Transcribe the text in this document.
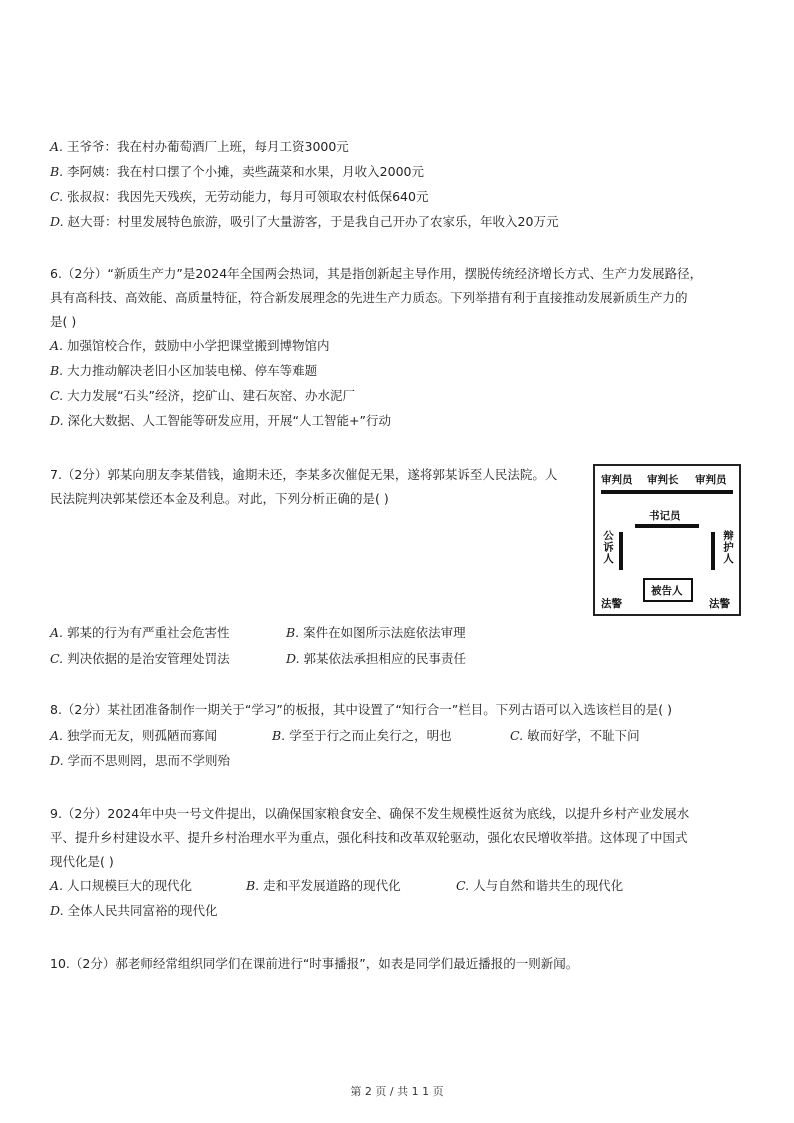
A. 王爷爷：我在村办葡萄酒厂上班，每月工资3000元
B. 李阿姨：我在村口摆了个小摊，卖些蔬菜和水果，月收入2000元
C. 张叔叔：我因先天残疾，无劳动能力，每月可领取农村低保640元
D. 赵大哥：村里发展特色旅游，吸引了大量游客，于是我自己开办了农家乐，年收入20万元
6.（2分）“新质生产力”是2024年全国两会热词，其是指创新起主导作用，摆脱传统经济增长方式、生产力发展路径，
具有高科技、高效能、高质量特征，符合新发展理念的先进生产力质态。下列举措有利于直接推动发展新质生产力的
是( )
A. 加强馆校合作，鼓励中小学把课堂搬到博物馆内
B. 大力推动解决老旧小区加装电梯、停车等难题
C. 大力发展“石头”经济，挖矿山、建石灰窑、办水泥厂
D. 深化大数据、人工智能等研发应用，开展“人工智能+”行动
7.（2分）郭某向朋友李某借钱，逾期未还，李某多次催促无果，遂将郭某诉至人民法院。人
民法院判决郭某偿还本金及利息。对此，下列分析正确的是( )
审判员 审判长 审判员
书记员
公诉人	辩护人
被告人
法警	法警
A. 郭某的行为有严重社会危害性	B. 案件在如图所示法庭依法审理
C. 判决依据的是治安管理处罚法	D. 郭某依法承担相应的民事责任
8.（2分）某社团准备制作一期关于“学习”的板报，其中设置了“知行合一”栏目。下列古语可以入选该栏目的是( )
A. 独学而无友，则孤陋而寡闻	B. 学至于行之而止矣行之，明也	C. 敏而好学，不耻下问
D. 学而不思则罔，思而不学则殆
9.（2分）2024年中央一号文件提出，以确保国家粮食安全、确保不发生规模性返贫为底线，以提升乡村产业发展水
平、提升乡村建设水平、提升乡村治理水平为重点，强化科技和改革双轮驱动，强化农民增收举措。这体现了中国式
现代化是( )
A. 人口规模巨大的现代化	B. 走和平发展道路的现代化	C. 人与自然和谐共生的现代化
D. 全体人民共同富裕的现代化
10.（2分）郝老师经常组织同学们在课前进行“时事播报”，如表是同学们最近播报的一则新闻。
第 2 页 / 共 1 1 页
